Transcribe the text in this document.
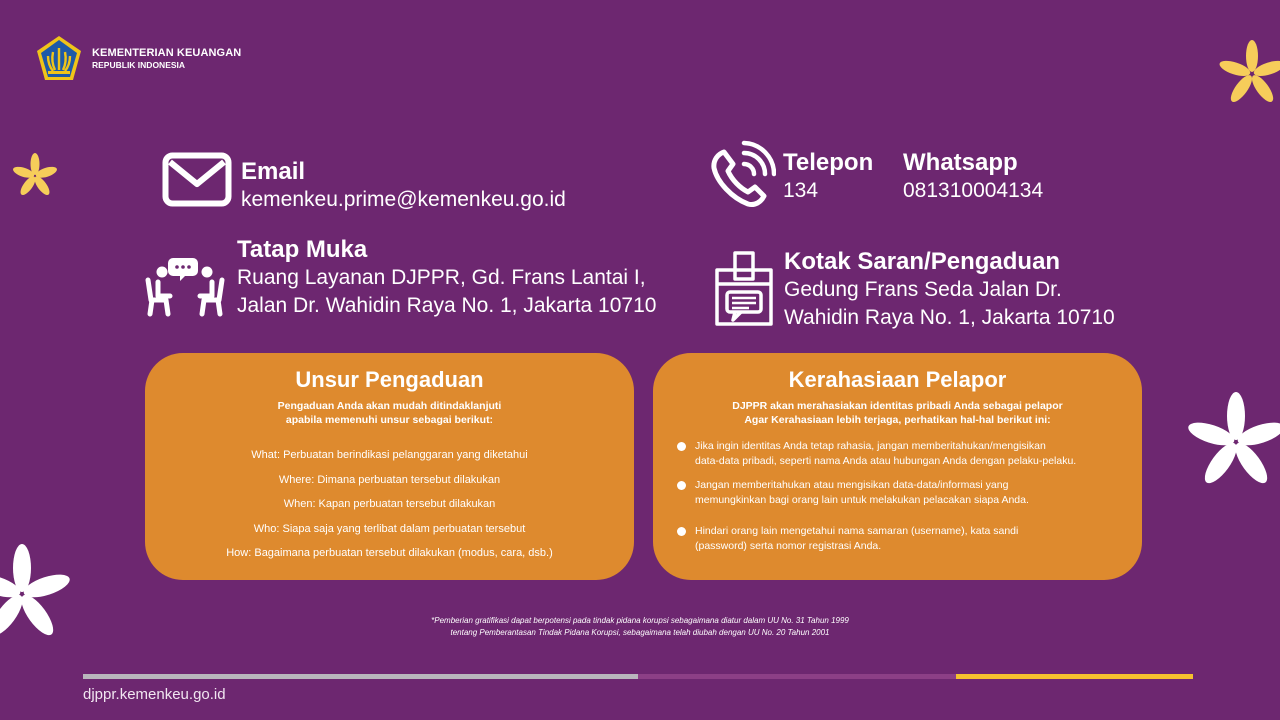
KEMENTERIAN KEUANGAN
REPUBLIK INDONESIA
Email
kemenkeu.prime@kemenkeu.go.id
Telepon
134
Whatsapp
081310004134
Tatap Muka
Ruang Layanan DJPPR, Gd. Frans Lantai I,
Jalan Dr. Wahidin Raya No. 1, Jakarta 10710
Kotak Saran/Pengaduan
Gedung Frans Seda Jalan Dr.
Wahidin Raya No. 1, Jakarta 10710
Unsur Pengaduan
Pengaduan Anda akan mudah ditindaklanjuti
apabila memenuhi unsur sebagai berikut:
What: Perbuatan berindikasi pelanggaran yang diketahui
Where: Dimana perbuatan tersebut dilakukan
When: Kapan perbuatan tersebut dilakukan
Who: Siapa saja yang terlibat dalam perbuatan tersebut
How: Bagaimana perbuatan tersebut dilakukan (modus, cara, dsb.)
Kerahasiaan Pelapor
DJPPR akan merahasiakan identitas pribadi Anda sebagai pelapor
Agar Kerahasiaan lebih terjaga, perhatikan hal-hal berikut ini:
Jika ingin identitas Anda tetap rahasia, jangan memberitahukan/mengisikan
data-data pribadi, seperti nama Anda atau hubungan Anda dengan pelaku-pelaku.
Jangan memberitahukan atau mengisikan data-data/informasi yang
memungkinkan bagi orang lain untuk melakukan pelacakan siapa Anda.
Hindari orang lain mengetahui nama samaran (username), kata sandi
(password) serta nomor registrasi Anda.
*Pemberian gratifikasi dapat berpotensi pada tindak pidana korupsi sebagaimana diatur dalam UU No. 31 Tahun 1999
tentang Pemberantasan Tindak Pidana Korupsi, sebagaimana telah diubah dengan UU No. 20 Tahun 2001
djppr.kemenkeu.go.id
